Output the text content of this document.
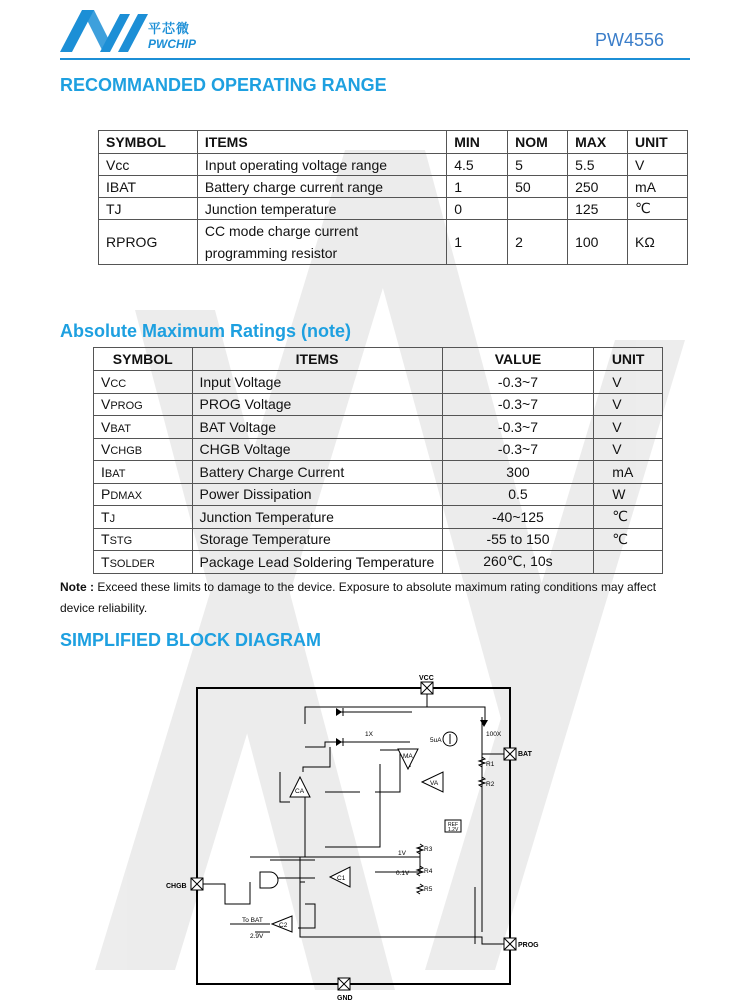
平芯微
PWCHIP	PW4556
RECOMMANDED OPERATING RANGE
SYMBOL	ITEMS	MIN	NOM	MAX	UNIT
Vcc	Input operating voltage range	4.5	5	5.5	V
IBAT	Battery charge current range	1	50	250	mA
TJ	Junction temperature	0		125	℃
RPROG	CC mode charge current
programming resistor	1	2	100	KΩ
Absolute Maximum Ratings (note)
SYMBOL	ITEMS	VALUE	UNIT
VCC	Input Voltage	-0.3~7	V
VPROG	PROG Voltage	-0.3~7	V
VBAT	BAT Voltage	-0.3~7	V
VCHGB	CHGB Voltage	-0.3~7	V
IBAT	Battery Charge Current	300	mA
PDMAX	Power Dissipation	0.5	W
TJ	Junction Temperature	-40~125	℃
TSTG	Storage Temperature	-55 to 150	℃
TSOLDER	Package Lead Soldering Temperature	260℃, 10s	
Note : Exceed these limits to damage to the device. Exposure to absolute maximum rating conditions may affect device reliability.
SIMPLIFIED BLOCK DIAGRAM
VCC
BAT
CHGB
PROG
GND
CA
MA
VA
C1
C2
1X
5uA
100X
R1
R2
R3
R4
R5
REF
1.2V
1V
0.1V
To BAT
2.9V
